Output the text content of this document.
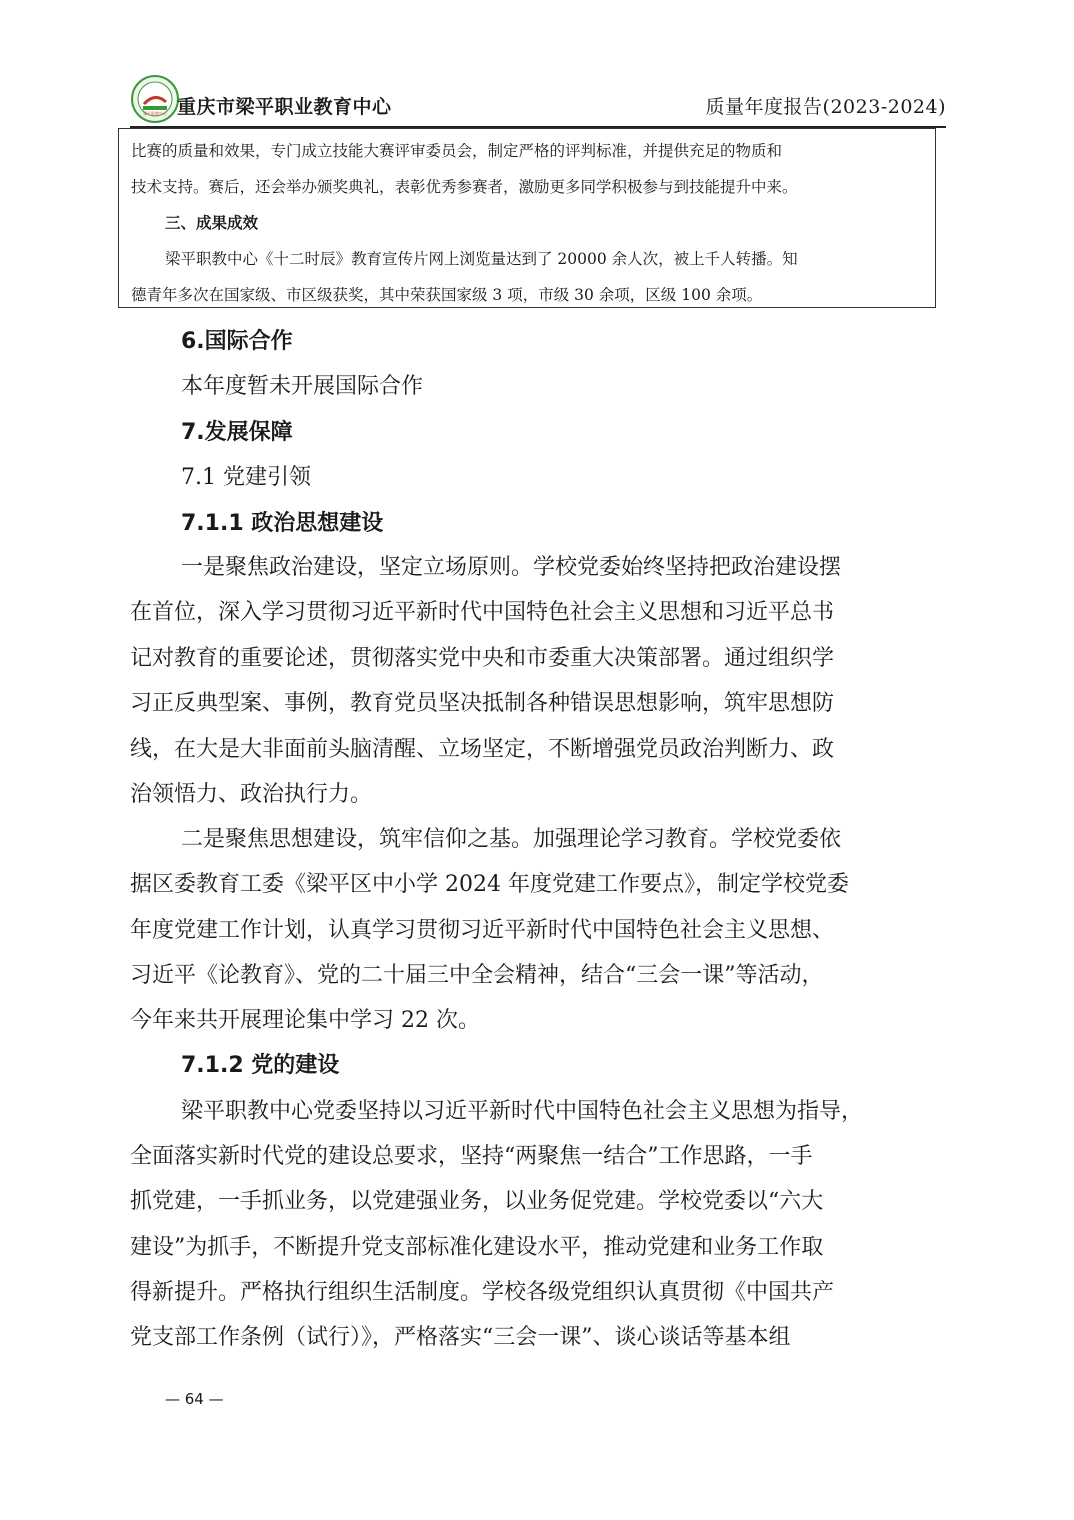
梁平职教中心 重庆市梁平职业教育中心	质量年度报告(2023-2024)
比赛的质量和效果，专门成立技能大赛评审委员会，制定严格的评判标准，并提供充足的物质和
技术支持。赛后，还会举办颁奖典礼，表彰优秀参赛者，激励更多同学积极参与到技能提升中来。
三、成果成效
梁平职教中心《十二时辰》教育宣传片网上浏览量达到了 20000 余人次，被上千人转播。知
德青年多次在国家级、市区级获奖，其中荣获国家级 3 项，市级 30 余项，区级 100 余项。
6.国际合作
本年度暂未开展国际合作
7.发展保障
7.1 党建引领
7.1.1 政治思想建设
一是聚焦政治建设，坚定立场原则。学校党委始终坚持把政治建设摆
在首位，深入学习贯彻习近平新时代中国特色社会主义思想和习近平总书
记对教育的重要论述，贯彻落实党中央和市委重大决策部署。通过组织学
习正反典型案、事例，教育党员坚决抵制各种错误思想影响，筑牢思想防
线，在大是大非面前头脑清醒、立场坚定，不断增强党员政治判断力、政
治领悟力、政治执行力。
二是聚焦思想建设，筑牢信仰之基。加强理论学习教育。学校党委依
据区委教育工委《梁平区中小学 2024 年度党建工作要点》，制定学校党委
年度党建工作计划，认真学习贯彻习近平新时代中国特色社会主义思想、
习近平《论教育》、党的二十届三中全会精神，结合“三会一课”等活动，
今年来共开展理论集中学习 22 次。
7.1.2 党的建设
梁平职教中心党委坚持以习近平新时代中国特色社会主义思想为指导，
全面落实新时代党的建设总要求，坚持“两聚焦一结合”工作思路，一手
抓党建，一手抓业务，以党建强业务，以业务促党建。学校党委以“六大
建设”为抓手，不断提升党支部标准化建设水平，推动党建和业务工作取
得新提升。严格执行组织生活制度。学校各级党组织认真贯彻《中国共产
党支部工作条例（试行）》，严格落实“三会一课”、谈心谈话等基本组
— 64 —
